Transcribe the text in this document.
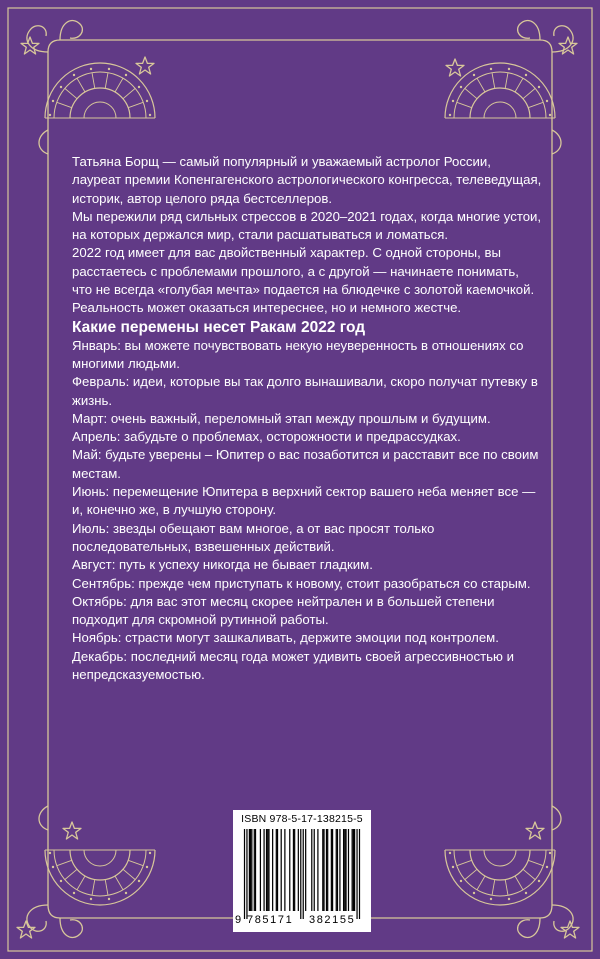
Татьяна Борщ — самый популярный и уважаемый астролог России, лауреат премии Копенгагенского астрологического конгресса, телеведущая, историк, автор целого ряда бестселлеров.

Мы пережили ряд сильных стрессов в 2020–2021 годах, когда многие устои, на которых держался мир, стали расшатываться и ломаться.

2022 год имеет для вас двойственный характер. С одной стороны, вы расстаетесь с проблемами прошлого, а с другой — начинаете понимать, что не всегда «голубая мечта» подается на блюдечке с золотой каемочкой. Реальность может оказаться интереснее, но и немного жестче.

Какие перемены несет Ракам 2022 год

Январь: вы можете почувствовать некую неуверенность в отношениях со многими людьми.

Февраль: идеи, которые вы так долго вынашивали, скоро получат путевку в жизнь.

Март: очень важный, переломный этап между прошлым и будущим.

Апрель: забудьте о проблемах, осторожности и предрассудках.

Май: будьте уверены – Юпитер о вас позаботится и расставит все по своим местам.

Июнь: перемещение Юпитера в верхний сектор вашего неба меняет все — и, конечно же, в лучшую сторону.

Июль: звезды обещают вам многое, а от вас просят только последовательных, взвешенных действий.

Август: путь к успеху никогда не бывает гладким.

Сентябрь: прежде чем приступать к новому, стоит разобраться со старым.

Октябрь: для вас этот месяц скорее нейтрален и в большей степени подходит для скромной рутинной работы.

Ноябрь: страсти могут зашкаливать, держите эмоции под контролем.

Декабрь: последний месяц года может удивить своей агрессивностью и непредсказуемостью.

ISBN 978-5-17-138215-5
9 785171 382155
